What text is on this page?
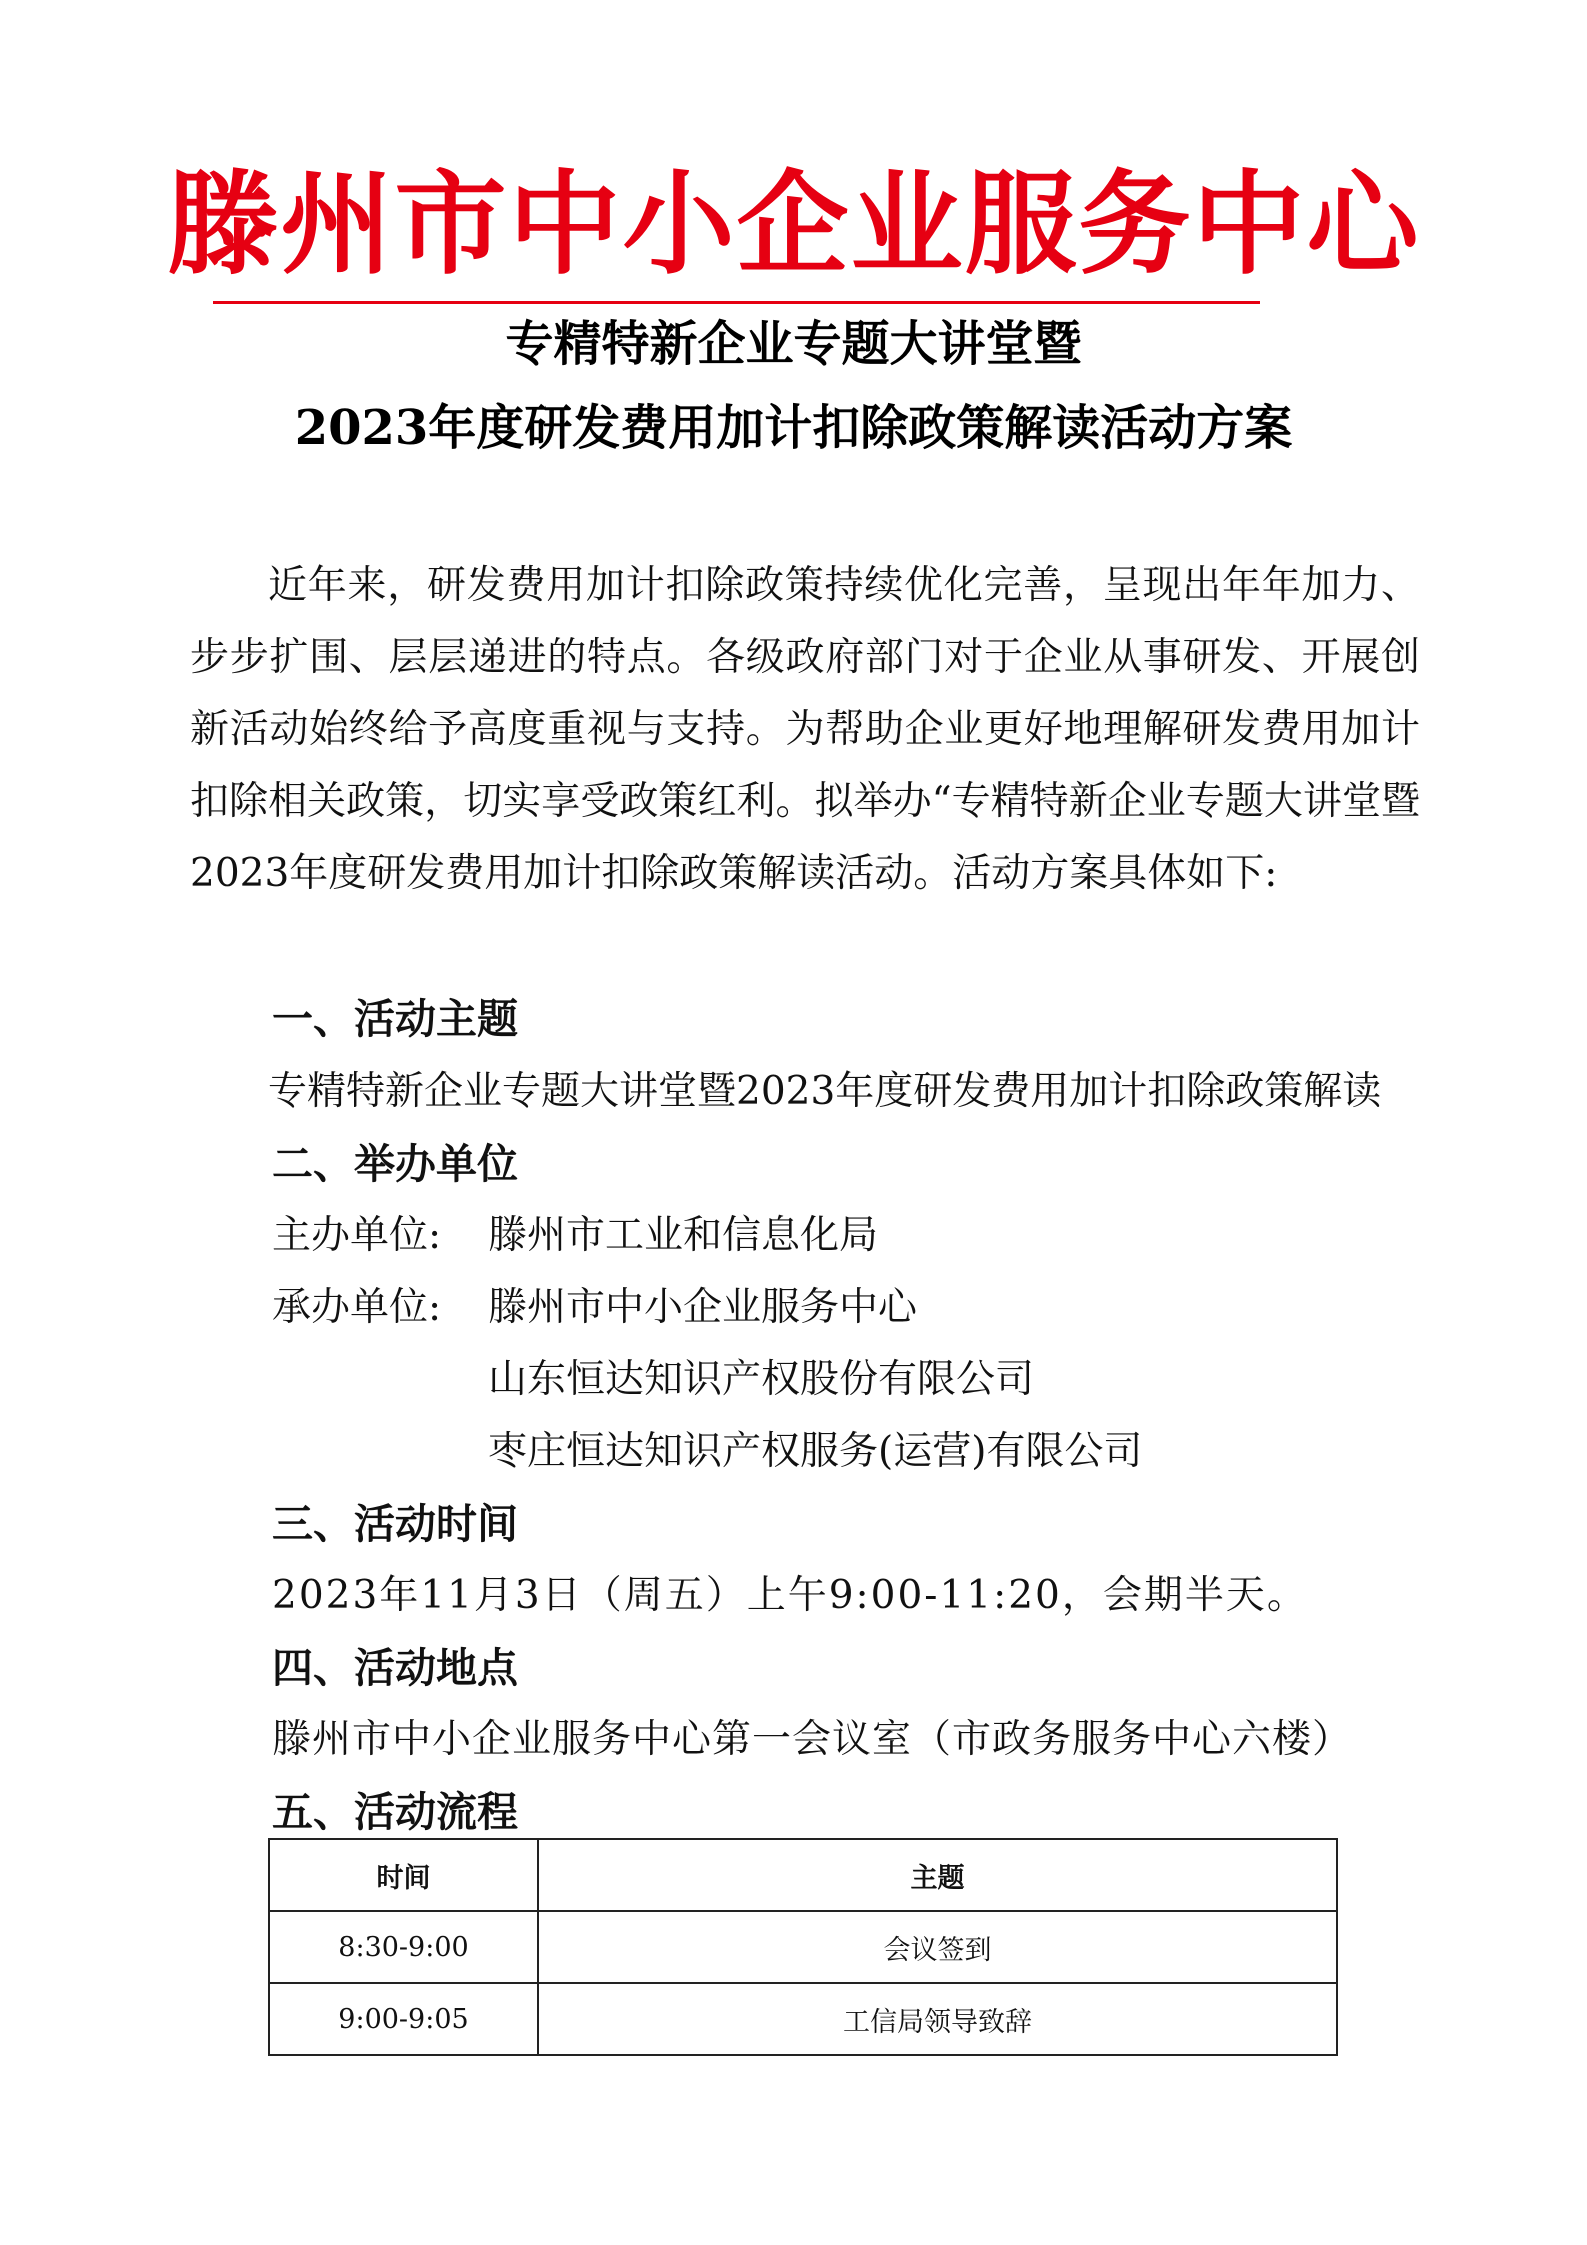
滕州市中小企业服务中心
专精特新企业专题大讲堂暨
2023年度研发费用加计扣除政策解读活动方案

近年来，研发费用加计扣除政策持续优化完善，呈现出年年加力、步步扩围、层层递进的特点。各级政府部门对于企业从事研发、开展创新活动始终给予高度重视与支持。为帮助企业更好地理解研发费用加计扣除相关政策，切实享受政策红利。拟举办“专精特新企业专题大讲堂暨2023年度研发费用加计扣除政策解读活动。活动方案具体如下:

一、活动主题
专精特新企业专题大讲堂暨2023年度研发费用加计扣除政策解读
二、举办单位
主办单位: 滕州市工业和信息化局
承办单位: 滕州市中小企业服务中心
山东恒达知识产权股份有限公司
枣庄恒达知识产权服务(运营)有限公司
三、活动时间
2023年11月3日（周五）上午9:00-11:20，会期半天。
四、活动地点
滕州市中小企业服务中心第一会议室（市政务服务中心六楼）
五、活动流程
时间	主题
8:30-9:00	会议签到
9:00-9:05	工信局领导致辞
